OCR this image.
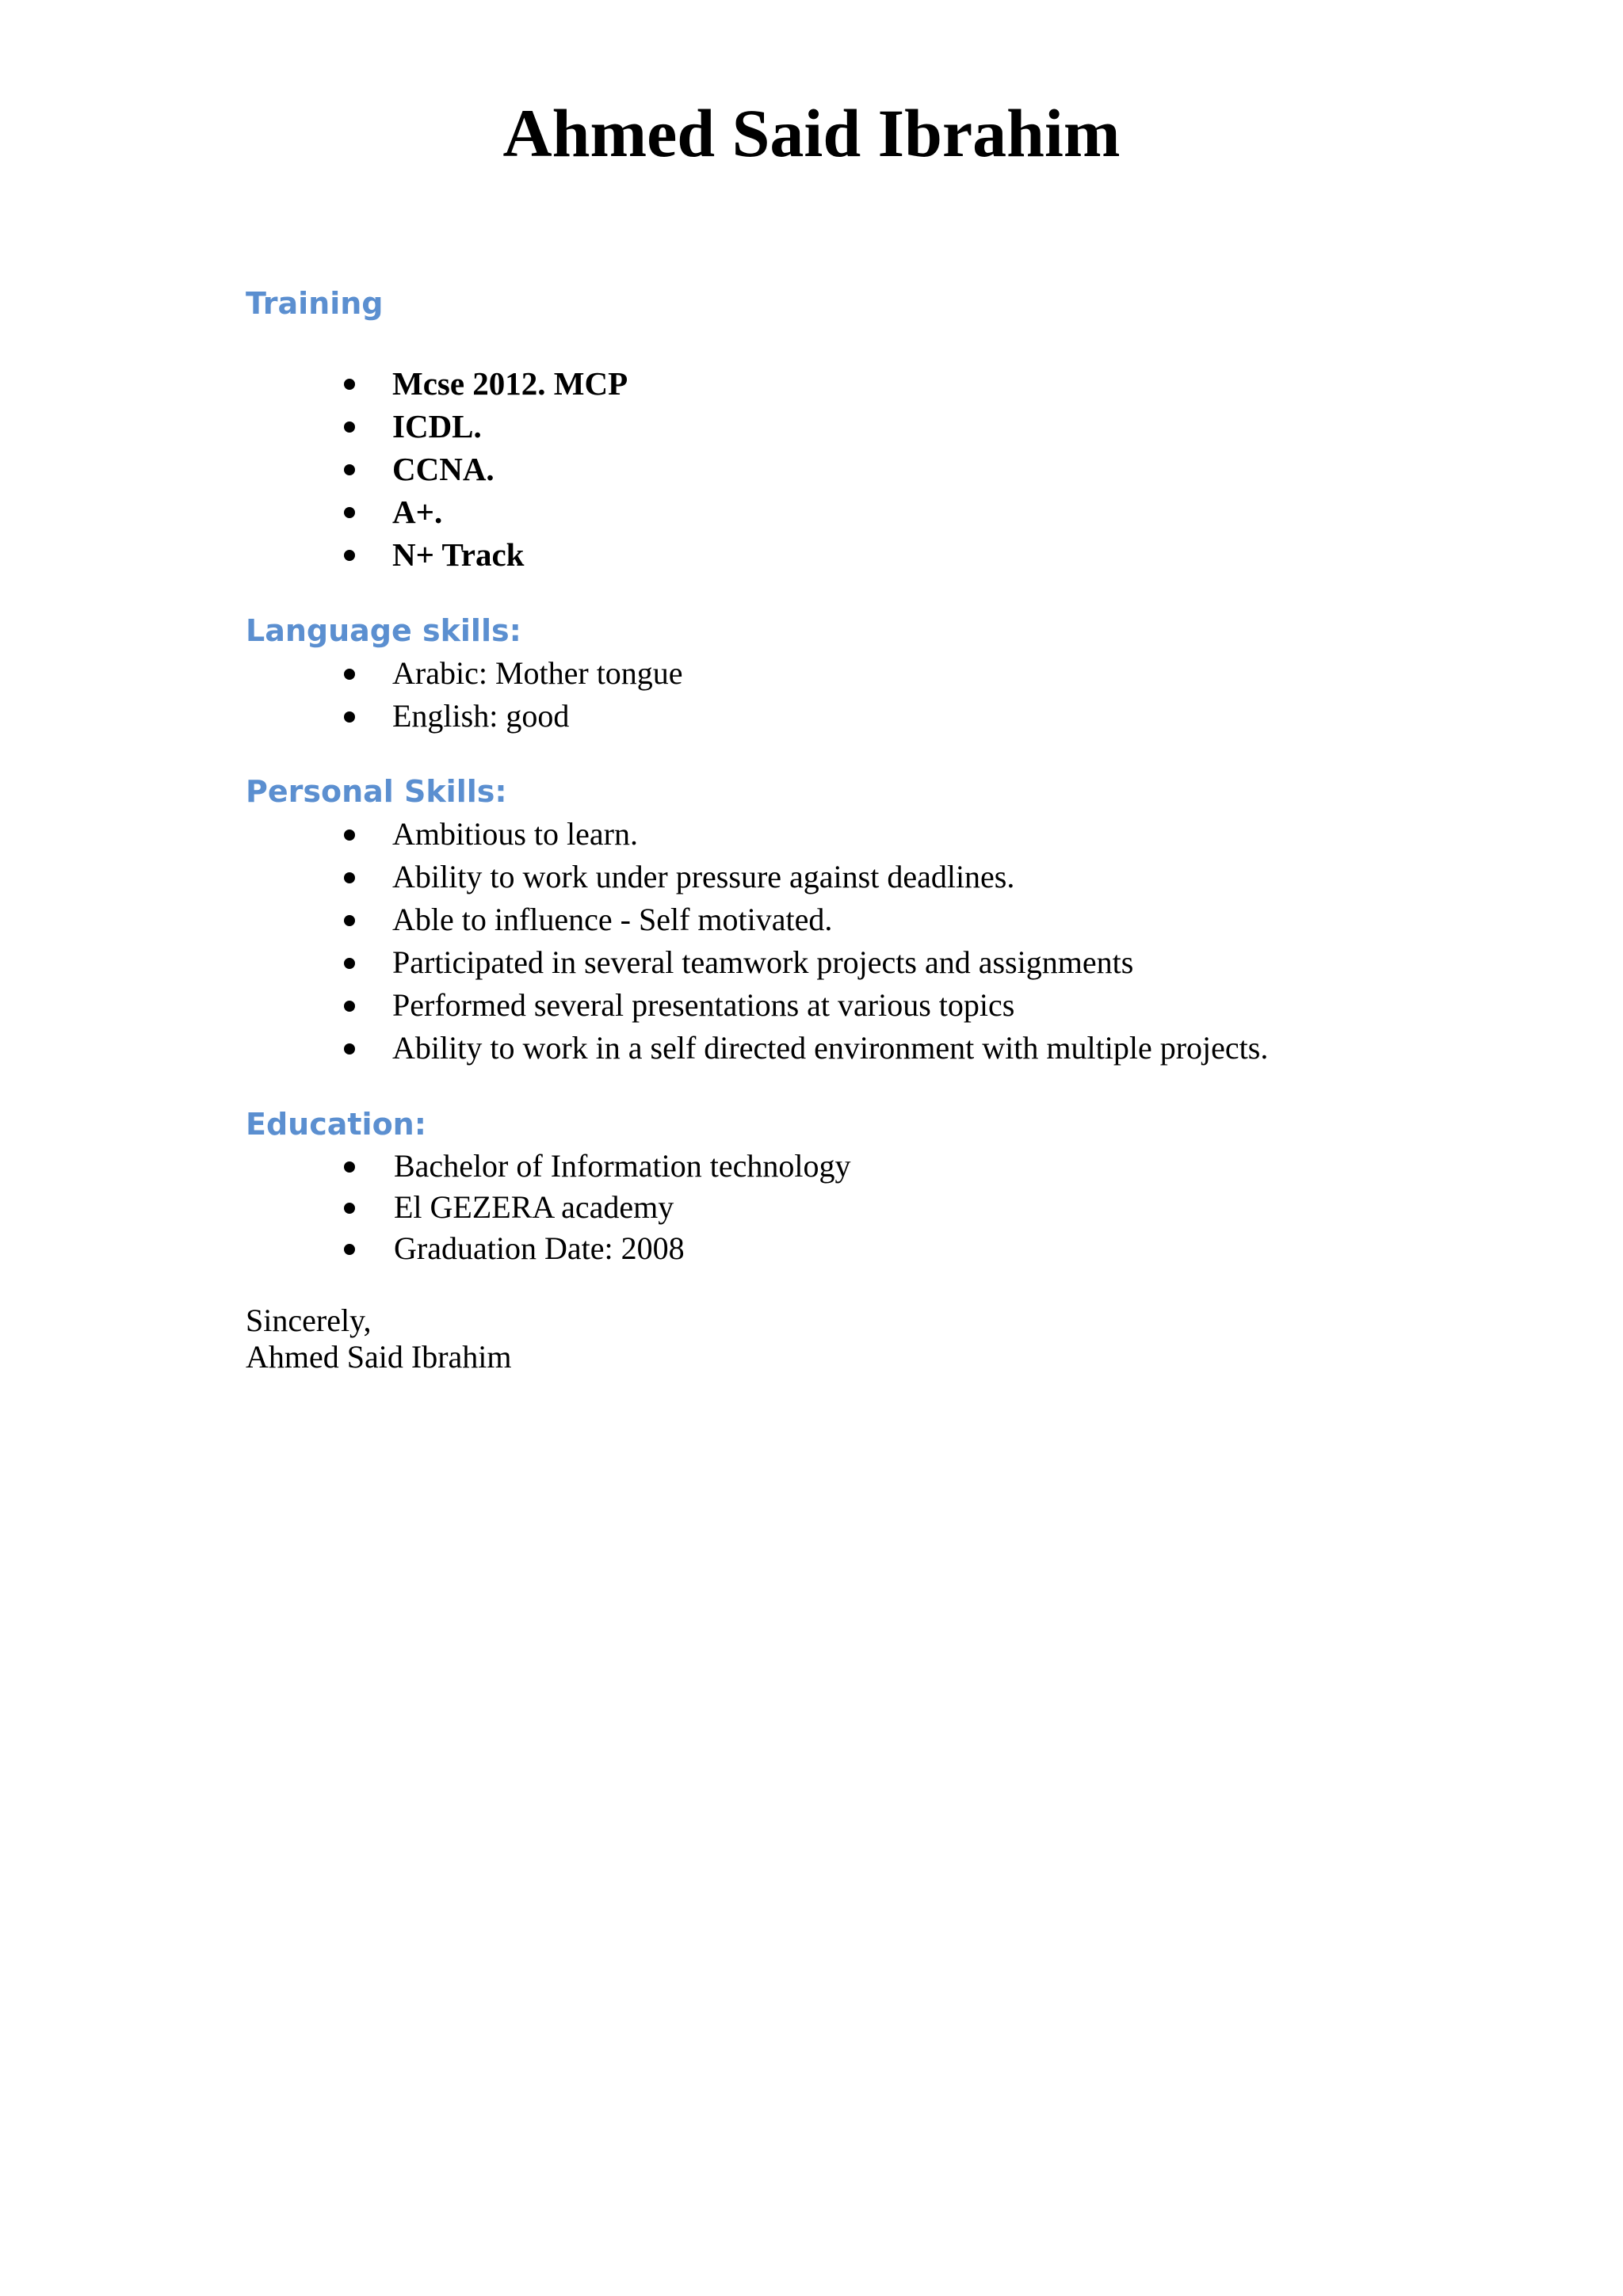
Ahmed Said Ibrahim
Training
Mcse 2012. MCP
ICDL.
CCNA.
A+.
N+ Track
Language skills:
Arabic: Mother tongue
English: good
Personal Skills:
Ambitious to learn.
Ability to work under pressure against deadlines.
Able to influence - Self motivated.
Participated in several teamwork projects and assignments
Performed several presentations at various topics
Ability to work in a self directed environment with multiple projects.
Education:
Bachelor of Information technology
El GEZERA academy
Graduation Date: 2008
Sincerely,
Ahmed Said Ibrahim
